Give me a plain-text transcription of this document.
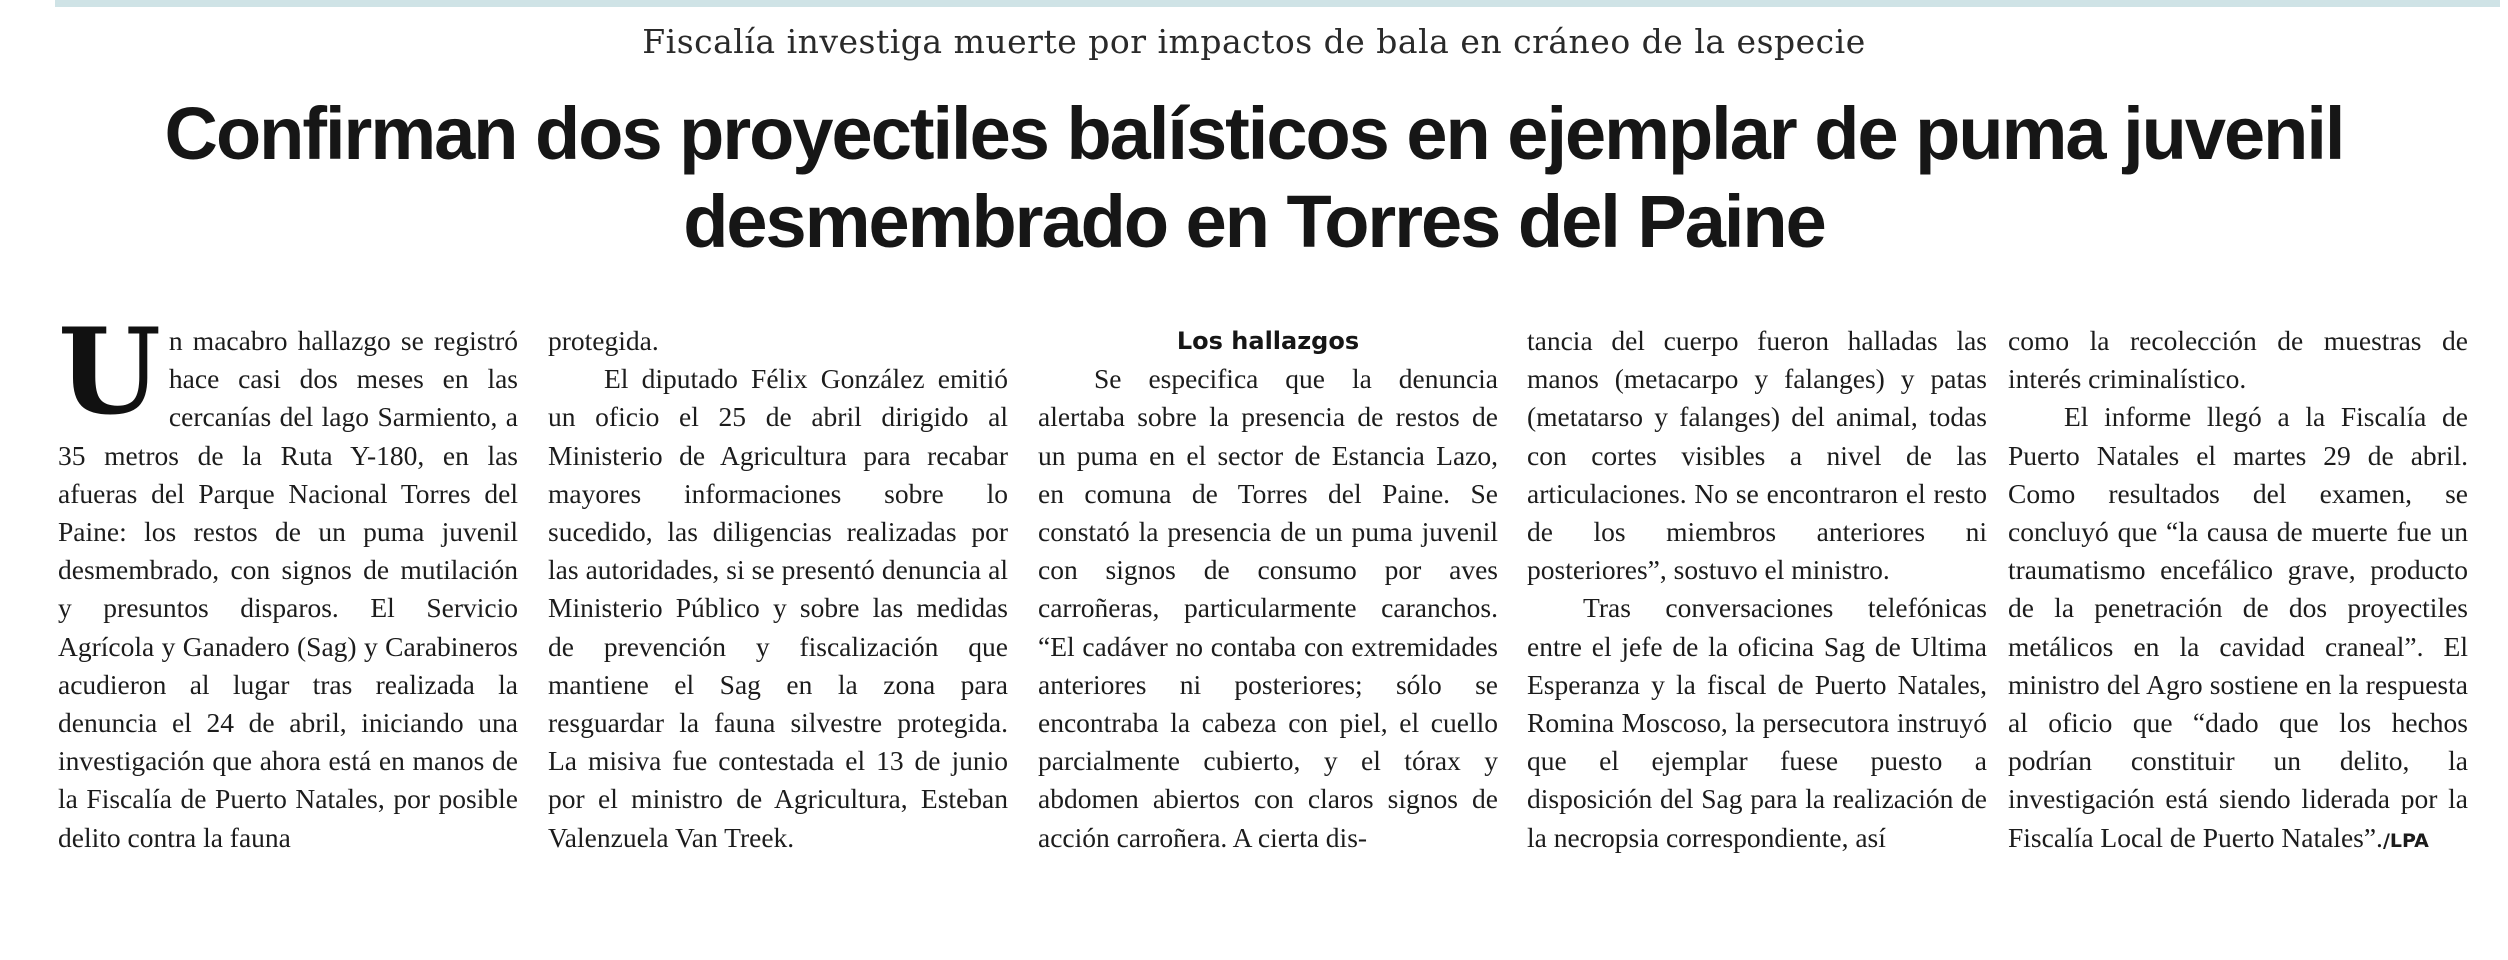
Fiscalía investiga muerte por impactos de bala en cráneo de la especie
Confirman dos proyectiles balísticos en ejemplar de puma juvenil desmembrado en Torres del Paine

Un macabro hallazgo se registró hace casi dos meses en las cercanías del lago Sarmiento, a 35 metros de la Ruta Y-180, en las afueras del Parque Nacional Torres del Paine: los restos de un puma juvenil desmembrado, con signos de mutilación y presuntos disparos. El Servicio Agrícola y Ganadero (Sag) y Carabineros acudieron al lugar tras realizada la denuncia el 24 de abril, iniciando una investigación que ahora está en manos de la Fiscalía de Puerto Natales, por posible delito contra la fauna

protegida.

El diputado Félix González emitió un oficio el 25 de abril dirigido al Ministerio de Agricultura para recabar mayores informaciones sobre lo sucedido, las diligencias realizadas por las autoridades, si se presentó denuncia al Ministerio Público y sobre las medidas de prevención y fiscalización que mantiene el Sag en la zona para resguardar la fauna silvestre protegida. La misiva fue contestada el 13 de junio por el ministro de Agricultura, Esteban Valenzuela Van Treek.

Los hallazgos

Se especifica que la denuncia alertaba sobre la presencia de restos de un puma en el sector de Estancia Lazo, en comuna de Torres del Paine. Se constató la presencia de un puma juvenil con signos de consumo por aves carroñeras, particularmente caranchos. “El cadáver no contaba con extremidades anteriores ni posteriores; sólo se encontraba la cabeza con piel, el cuello parcialmente cubierto, y el tórax y abdomen abiertos con claros signos de acción carroñera. A cierta dis-

tancia del cuerpo fueron halladas las manos (metacarpo y falanges) y patas (metatarso y falanges) del animal, todas con cortes visibles a nivel de las articulaciones. No se encontraron el resto de los miembros anteriores ni posteriores”, sostuvo el ministro.

Tras conversaciones telefónicas entre el jefe de la oficina Sag de Ultima Esperanza y la fiscal de Puerto Natales, Romina Moscoso, la persecutora instruyó que el ejemplar fuese puesto a disposición del Sag para la realización de la necropsia correspondiente, así

como la recolección de muestras de interés criminalístico.

El informe llegó a la Fiscalía de Puerto Natales el martes 29 de abril. Como resultados del examen, se concluyó que “la causa de muerte fue un traumatismo encefálico grave, producto de la penetración de dos proyectiles metálicos en la cavidad craneal”. El ministro del Agro sostiene en la respuesta al oficio que “dado que los hechos podrían constituir un delito, la investigación está siendo liderada por la Fiscalía Local de Puerto Natales”./LPA
